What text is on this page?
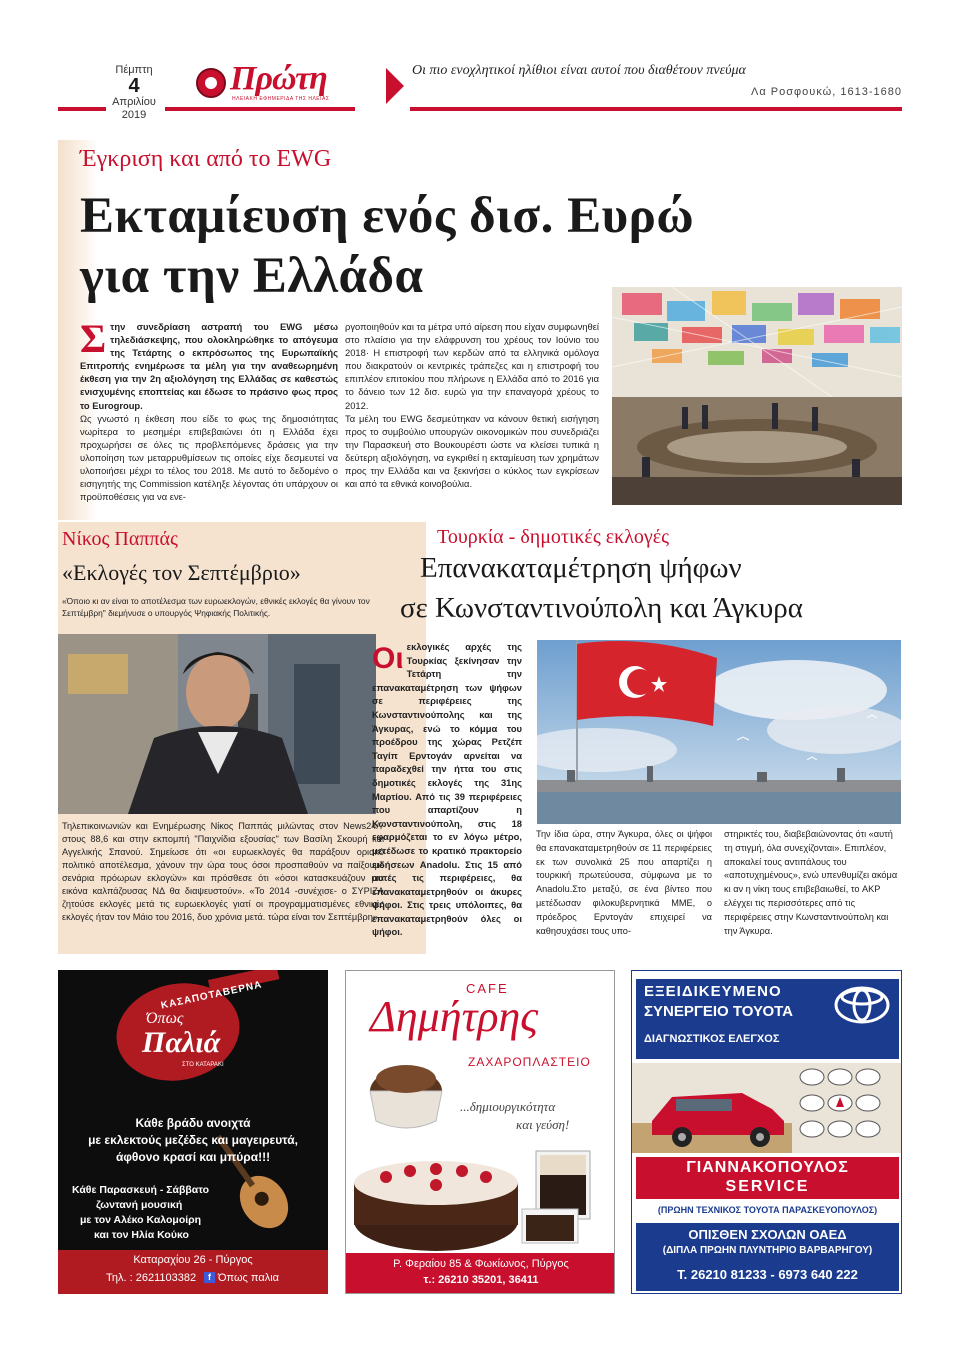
Πέμπτη
4
Απριλίου
2019
Πρώτη
ΗΛΕΙΑΚΗ ΕΦΗΜΕΡΙΔΑ ΤΗΣ ΗΛΕΙΑΣ
Οι πιο ενοχλητικοί ηλίθιοι είναι αυτοί που διαθέτουν πνεύμα
Λα Ροσφουκώ, 1613-1680
Έγκριση και από το EWG
Εκταμίευση ενός δισ. Ευρώ
για την Ελλάδα
Σ την συνεδρίαση αστραπή του EWG μέσω τηλεδιάσκεψης, που ολοκληρώθηκε το απόγευμα της Τετάρτης ο εκπρόσωπος της Ευρωπαϊκής Επιτροπής ενημέρωσε τα μέλη για την αναθεωρημένη έκθεση για την 2η αξιολόγηση της Ελλάδας σε καθεστώς ενισχυμένης εποπτείας και έδωσε το πράσινο φως προς το Eurogroup.
Ως γνωστό η έκθεση που είδε το φως της δημοσιότητας νωρίτερα το μεσημέρι επιβεβαιώνει ότι η Ελλάδα έχει προχωρήσει σε όλες τις προβλεπόμενες δράσεις για την υλοποίηση των μεταρρυθμίσεων τις οποίες είχε δεσμευτεί να υλοποιήσει μέχρι το τέλος του 2018. Με αυτό το δεδομένο ο εισηγητής της Commission κατέληξε λέγοντας ότι υπάρχουν οι προϋποθέσεις για να ενε-
ργοποιηθούν και τα μέτρα υπό αίρεση που είχαν συμφωνηθεί στο πλαίσιο για την ελάφρυνση του χρέους τον Ιούνιο του 2018· Η επιστροφή των κερδών από τα ελληνικά ομόλογα που διακρατούν οι κεντρικές τράπεζες και η επιστροφή του επιπλέον επιτοκίου που πλήρωνε η Ελλάδα από το 2016 για το δάνειο των 12 δισ. ευρώ για την επαναγορά χρέους το 2012.
Τα μέλη του EWG δεσμεύτηκαν να κάνουν θετική εισήγηση προς το συμβούλιο υπουργών οικονομικών που συνεδριάζει την Παρασκευή στο Βουκουρέστι ώστε να κλείσει τυπικά η δεύτερη αξιολόγηση, να εγκριθεί η εκταμίευση των χρημάτων προς την Ελλάδα και να ξεκινήσει ο κύκλος των εγκρίσεων και από τα εθνικά κοινοβούλια.
Νίκος Παππάς
«Εκλογές τον Σεπτέμβριο»
«Όποιο κι αν είναι το αποτέλεσμα των ευρωεκλογών, εθνικές εκλογές θα γίνουν τον Σεπτέμβρη" διεμήνυσε ο υπουργός Ψηφιακής Πολιτικής.
Τηλεπικοινωνιών και Ενημέρωσης Νίκος Παππάς μιλώντας στον News24/7 στους 88,6 και στην εκπομπή "Παιχνίδια εξουσίας" των Βασίλη Σκουρή και Αγγελικής Σπανού. Σημείωσε ότι «οι ευρωεκλογές θα παράξουν οριακό πολιτικό αποτέλεσμα, χάνουν την ώρα τους όσοι προσπαθούν να παίξουμε σενάρια πρόωρων εκλογών» και πρόσθεσε ότι «όσοι κατασκευάζουν μια εικόνα καλπάζουσας ΝΔ θα διαψευστούν». «Το 2014 -συνέχισε- ο ΣΥΡΙΖΑ ζητούσε εκλογές μετά τις ευρωεκλογές γιατί οι προγραμματισμένες εθνικές εκλογές ήταν τον Μάιο του 2016, δυο χρόνια μετά. τώρα είναι τον Σεπτέμβρη».
Τουρκία - δημοτικές εκλογές
Επανακαταμέτρηση ψήφων
σε Κωνσταντινούπολη και Άγκυρα
Οι εκλογικές αρχές της Τουρκίας ξεκίνησαν την Τετάρτη την επανακαταμέτρηση των ψήφων σε περιφέρειες της Κωνσταντινούπολης και της Άγκυρας, ενώ το κόμμα του προέδρου της χώρας Ρετζέπ Ταγίπ Ερντογάν αρνείται να παραδεχθεί την ήττα του στις δημοτικές εκλογές της 31ης Μαρτίου. Από τις 39 περιφέρειες που απαρτίζουν η Κωνσταντινούπολη, στις 18 εφαρμόζεται το εν λόγω μέτρο, μετέδωσε το κρατικό πρακτορείο ειδήσεων Anadolu. Στις 15 από αυτές τις περιφέρειες, θα επανακαταμετρηθούν οι άκυρες ψήφοι. Στις τρεις υπόλοιπες, θα επανακαταμετρηθούν όλες οι ψήφοι.
Την ίδια ώρα, στην Άγκυρα, όλες οι ψήφοι θα επανακαταμετρηθούν σε 11 περιφέρειες εκ των συνολικά 25 που απαρτίζει η τουρκική πρωτεύουσα, σύμφωνα με το Anadolu.Στο μεταξύ, σε ένα βίντεο που μετέδωσαν φιλοκυβερνητικά ΜΜΕ, ο πρόεδρος Ερντογάν επιχειρεί να καθησυχάσει τους υπο-
στηρικτές του, διαβεβαιώνοντας ότι «αυτή τη στιγμή, όλα συνεχίζονται». Επιπλέον, αποκαλεί τους αντιπάλους του «αποτυχημένους», ενώ υπενθυμίζει ακόμα κι αν η νίκη τους επιβεβαιωθεί, το AKP ελέγχει τις περισσότερες από τις περιφέρειες στην Κωνσταντινούπολη και την Άγκυρα.
ΚΑΣΑΠΟΤΑΒΕΡΝΑ
Όπως
Παλιά
ΣΤΟ ΚΑΤΑΡΑΚΙ
Κάθε βράδυ ανοιχτά
με εκλεκτούς μεζέδες και μαγειρευτά,
άφθονο κρασί και μπύρα!!!
Κάθε Παρασκευή - Σάββατο
ζωντανή μουσική
με τον Αλέκο Καλομοίρη
και τον Ηλία Κούκο
Καταραχίου 26 - Πύργος
Τηλ. : 2621103382	f Όπως παλια
CAFE
Δημήτρης
ΖΑΧΑΡΟΠΛΑΣΤΕΙΟ
...δημιουργικότητα
και γεύση!
Ρ. Φεραίου 85 & Φωκίωνος, Πύργος
τ.: 26210 35201, 36411
ΕΞΕΙΔΙΚΕΥΜΕΝΟ
ΣΥΝΕΡΓΕΙΟ ΤΟΥΟΤΑ
ΔΙΑΓΝΩΣΤΙΚΟΣ ΕΛΕΓΧΟΣ
ΓΙΑΝΝΑΚΟΠΟΥΛΟΣ
SERVICE
(ΠΡΩΗΝ ΤΕΧΝΙΚΟΣ ΤΟΥΟΤΑ ΠΑΡΑΣΚΕΥΟΠΟΥΛΟΣ)
ΟΠΙΣΘΕΝ ΣΧΟΛΩΝ ΟΑΕΔ
(ΔΙΠΛΑ ΠΡΩΗΝ ΠΛΥΝΤΗΡΙΟ ΒΑΡΒΑΡΗΓΟΥ)
Τ. 26210 81233 - 6973 640 222
